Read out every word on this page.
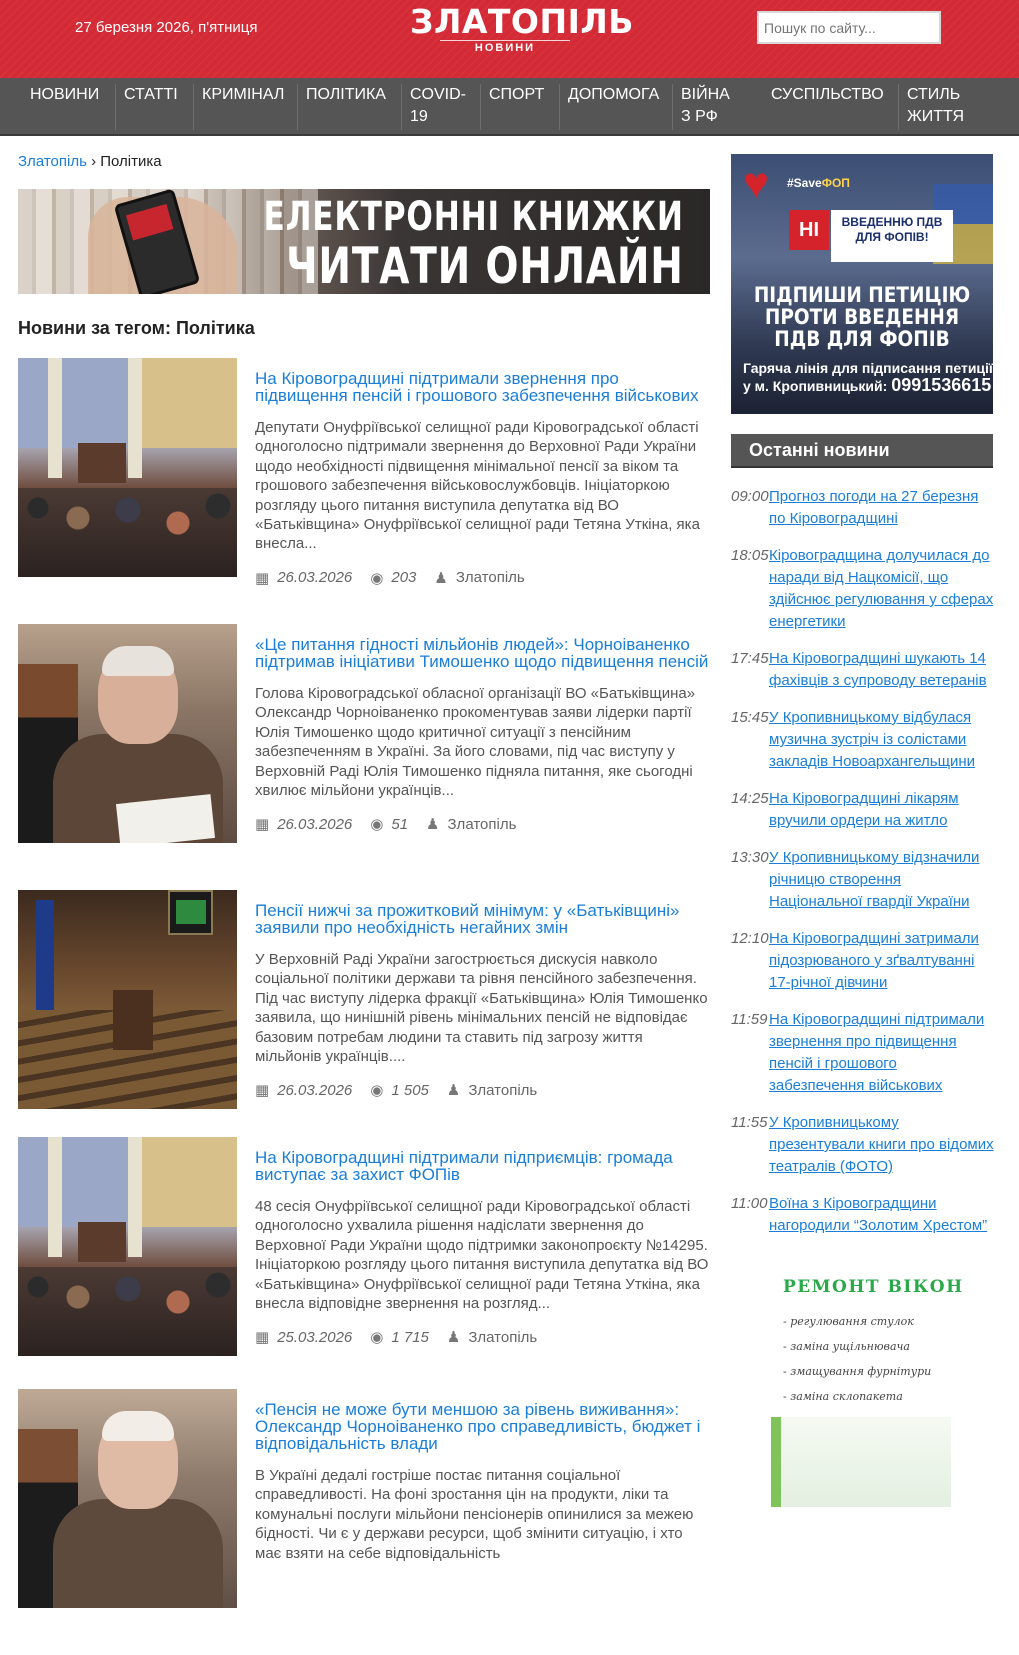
27 березня 2026, п'ятниця	ЗЛАТОПІЛЬ
НОВИНИ
Пошук по сайту...
НОВИНИ	СТАТТІ	КРИМІНАЛ	ПОЛІТИКА	COVID-19
СПОРТ	ДОПОМОГА	ВІЙНА З РФ
СУСПІЛЬСТВО	СТИЛЬ ЖИТТЯ
Златопіль › Політика
ЕЛЕКТРОННІ КНИЖКИ
ЧИТАТИ ОНЛАЙН
Новини за тегом: Політика
На Кіровоградщині підтримали звернення про підвищення пенсій і грошового забезпечення військових

Депутати Онуфріївської селищної ради Кіровоградської області одноголосно підтримали звернення до Верховної Ради України щодо необхідності підвищення мінімальної пенсії за віком та грошового забезпечення військовослужбовців. Ініціаторкою розгляду цього питання виступила депутатка від ВО «Батьківщина» Онуфріївської селищної ради Тетяна Уткіна, яка внесла...

▦ 26.03.2026 ◉ 203 ♟ Златопіль
«Це питання гідності мільйонів людей»: Чорноіваненко підтримав ініціативи Тимошенко щодо підвищення пенсій

Голова Кіровоградської обласної організації ВО «Батьківщина» Олександр Чорноіваненко прокоментував заяви лідерки партії Юлія Тимошенко щодо критичної ситуації з пенсійним забезпеченням в Україні. За його словами, під час виступу у Верховній Раді Юлія Тимошенко підняла питання, яке сьогодні хвилює мільйони українців...

▦ 26.03.2026 ◉ 51 ♟ Златопіль
Пенсії нижчі за прожитковий мінімум: у «Батьківщині» заявили про необхідність негайних змін

У Верховній Раді України загострюється дискусія навколо соціальної політики держави та рівня пенсійного забезпечення. Під час виступу лідерка фракції «Батьківщина» Юлія Тимошенко заявила, що нинішній рівень мінімальних пенсій не відповідає базовим потребам людини та ставить під загрозу життя мільйонів українців....

▦ 26.03.2026 ◉ 1 505 ♟ Златопіль
На Кіровоградщині підтримали підприємців: громада виступає за захист ФОПів

48 сесія Онуфріївської селищної ради Кіровоградської області одноголосно ухвалила рішення надіслати звернення до Верховної Ради України щодо підтримки законопроєкту №14295. Ініціаторкою розгляду цього питання виступила депутатка від ВО «Батьківщина» Онуфріївської селищної ради Тетяна Уткіна, яка внесла відповідне звернення на розгляд...

▦ 25.03.2026 ◉ 1 715 ♟ Златопіль
«Пенсія не може бути меншою за рівень виживання»: Олександр Чорноіваненко про справедливість, бюджет і відповідальність влади

В Україні дедалі гостріше постає питання соціальної справедливості. На фоні зростання цін на продукти, ліки та комунальні послуги мільйони пенсіонерів опинилися за межею бідності. Чи є у держави ресурси, щоб змінити ситуацію, і хто має взяти на себе відповідальність

♥ #SaveФОП
НІ	ВВЕДЕННЮ ПДВ ДЛЯ ФОПІВ!
ПІДПИШИ ПЕТИЦІЮ ПРОТИ ВВЕДЕННЯ ПДВ ДЛЯ ФОПІВ
Гаряча лінія для підписання петиції
у м. Кропивницький: 0991536615
Останні новини
09:00 Прогноз погоди на 27 березня по Кіровоградщині
18:05 Кіровоградщина долучилася до наради від Нацкомісії, що здійснює регулювання у сферах енергетики
17:45 На Кіровоградщині шукають 14 фахівців з супроводу ветеранів
15:45 У Кропивницькому відбулася музична зустріч із солістами закладів Новоархангельщини
14:25 На Кіровоградщині лікарям вручили ордери на житло
13:30 У Кропивницькому відзначили річницю створення Національної гвардії України
12:10 На Кіровоградщині затримали підозрюваного у зґвалтуванні 17-річної дівчини
11:59 На Кіровоградщині підтримали звернення про підвищення пенсій і грошового забезпечення військових
11:55 У Кропивницькому презентували книги про відомих театралів (ФОТО)
11:00 Воїна з Кіровоградщини нагородили “Золотим Хрестом”
РЕМОНТ ВІКОН
- регулювання стулок
- заміна ущільнювача
- змащування фурнітури
- заміна склопакета
